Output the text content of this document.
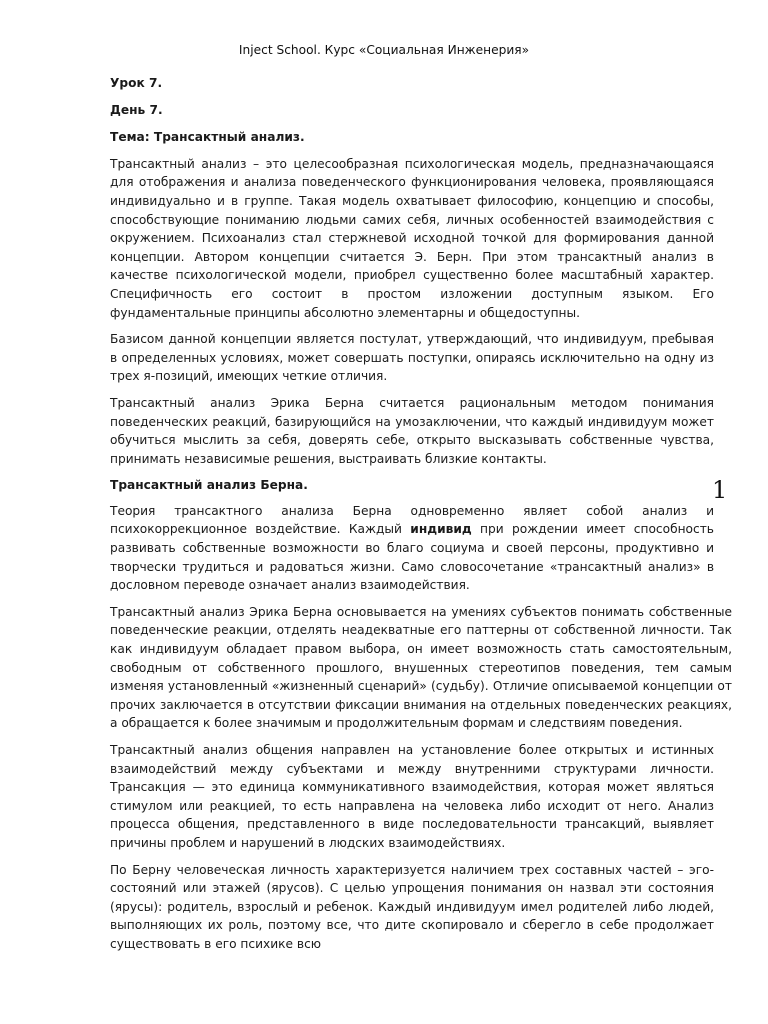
Inject School. Курс «Социальная Инженерия»
1
Урок 7.
День 7.
Тема: Трансактный анализ.

Трансактный анализ – это целесообразная психологическая модель, предназначающаяся для отображения и анализа поведенческого функционирования человека, проявляющаяся индивидуально и в группе. Такая модель охватывает философию, концепцию и способы, способствующие пониманию людьми самих себя, личных особенностей взаимодействия с окружением. Психоанализ стал стержневой исходной точкой для формирования данной концепции. Автором концепции считается Э. Берн. При этом трансактный анализ в качестве психологической модели, приобрел существенно более масштабный характер. Специфичность его состоит в простом изложении доступным языком. Его фундаментальные принципы абсолютно элементарны и общедоступны.

Базисом данной концепции является постулат, утверждающий, что индивидуум, пребывая в определенных условиях, может совершать поступки, опираясь исключительно на одну из трех я-позиций, имеющих четкие отличия.

Трансактный анализ Эрика Берна считается рациональным методом понимания поведенческих реакций, базирующийся на умозаключении, что каждый индивидуум может обучиться мыслить за себя, доверять себе, открыто высказывать собственные чувства, принимать независимые решения, выстраивать близкие контакты.

Трансактный анализ Берна.

Теория трансактного анализа Берна одновременно являет собой анализ и психокоррекционное воздействие. Каждый индивид при рождении имеет способность развивать собственные возможности во благо социума и своей персоны, продуктивно и творчески трудиться и радоваться жизни. Само словосочетание «трансактный анализ» в дословном переводе означает анализ взаимодействия.

Трансактный анализ Эрика Берна основывается на умениях субъектов понимать собственные поведенческие реакции, отделять неадекватные его паттерны от собственной личности. Так как индивидуум обладает правом выбора, он имеет возможность стать самостоятельным, свободным от собственного прошлого, внушенных стереотипов поведения, тем самым изменяя установленный «жизненный сценарий» (судьбу). Отличие описываемой концепции от прочих заключается в отсутствии фиксации внимания на отдельных поведенческих реакциях, а обращается к более значимым и продолжительным формам и следствиям поведения.

Трансактный анализ общения направлен на установление более открытых и истинных взаимодействий между субъектами и между внутренними структурами личности. Трансакция — это единица коммуникативного взаимодействия, которая может являться стимулом или реакцией, то есть направлена на человека либо исходит от него. Анализ процесса общения, представленного в виде последовательности трансакций, выявляет причины проблем и нарушений в людских взаимодействиях.

По Берну человеческая личность характеризуется наличием трех составных частей – эго-состояний или этажей (ярусов). С целью упрощения понимания он назвал эти состояния (ярусы): родитель, взрослый и ребенок. Каждый индивидуум имел родителей либо людей, выполняющих их роль, поэтому все, что дите скопировало и сберегло в себе продолжает существовать в его психике всю
